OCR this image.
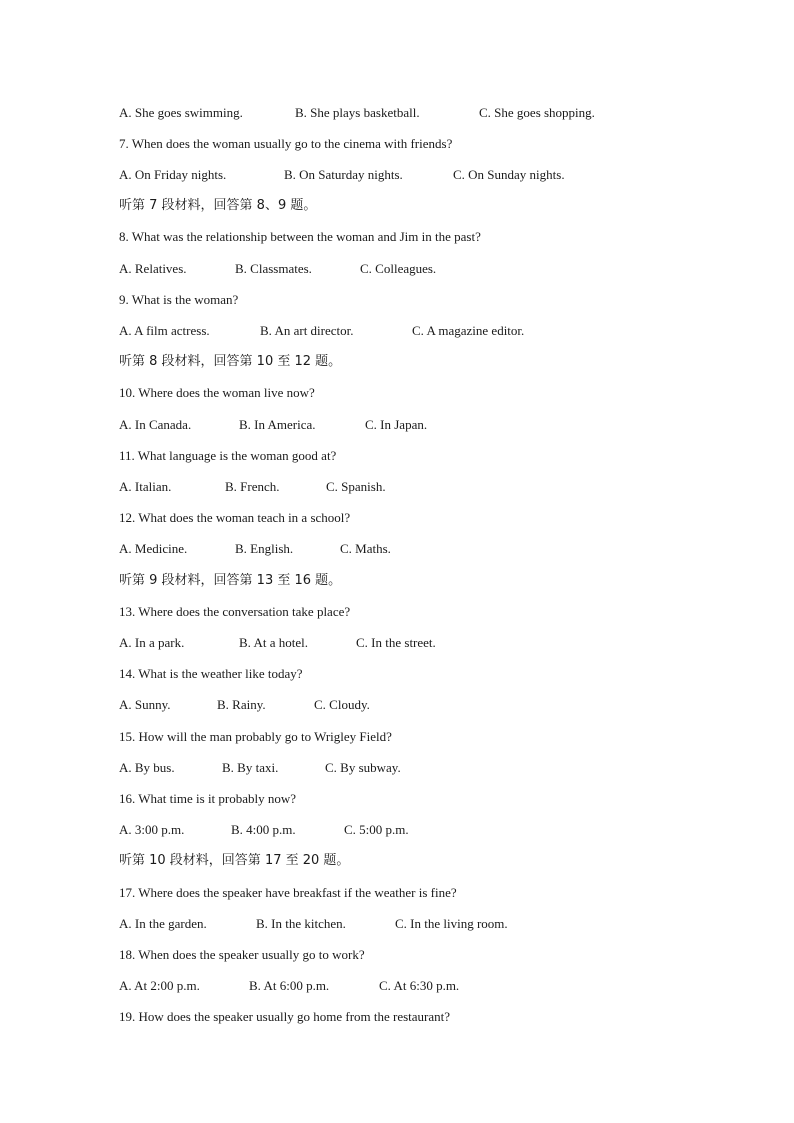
A. She goes swimming.	B. She plays basketball.	C. She goes shopping.
7. When does the woman usually go to the cinema with friends?
A. On Friday nights.	B. On Saturday nights.	C. On Sunday nights.
听第 7 段材料，回答第 8、9 题。
8. What was the relationship between the woman and Jim in the past?
A. Relatives.	B. Classmates.	C. Colleagues.
9. What is the woman?
A. A film actress.	B. An art director.	C. A magazine editor.
听第 8 段材料，回答第 10 至 12 题。
10. Where does the woman live now?
A. In Canada.	B. In America.	C. In Japan.
11. What language is the woman good at?
A. Italian.	B. French.	C. Spanish.
12. What does the woman teach in a school?
A. Medicine.	B. English.	C. Maths.
听第 9 段材料，回答第 13 至 16 题。
13. Where does the conversation take place?
A. In a park.	B. At a hotel.	C. In the street.
14. What is the weather like today?
A. Sunny.	B. Rainy.	C. Cloudy.
15. How will the man probably go to Wrigley Field?
A. By bus.	B. By taxi.	C. By subway.
16. What time is it probably now?
A. 3:00 p.m.	B. 4:00 p.m.	C. 5:00 p.m.
听第 10 段材料，回答第 17 至 20 题。
17. Where does the speaker have breakfast if the weather is fine?
A. In the garden.	B. In the kitchen.	C. In the living room.
18. When does the speaker usually go to work?
A. At 2:00 p.m.	B. At 6:00 p.m.	C. At 6:30 p.m.
19. How does the speaker usually go home from the restaurant?
